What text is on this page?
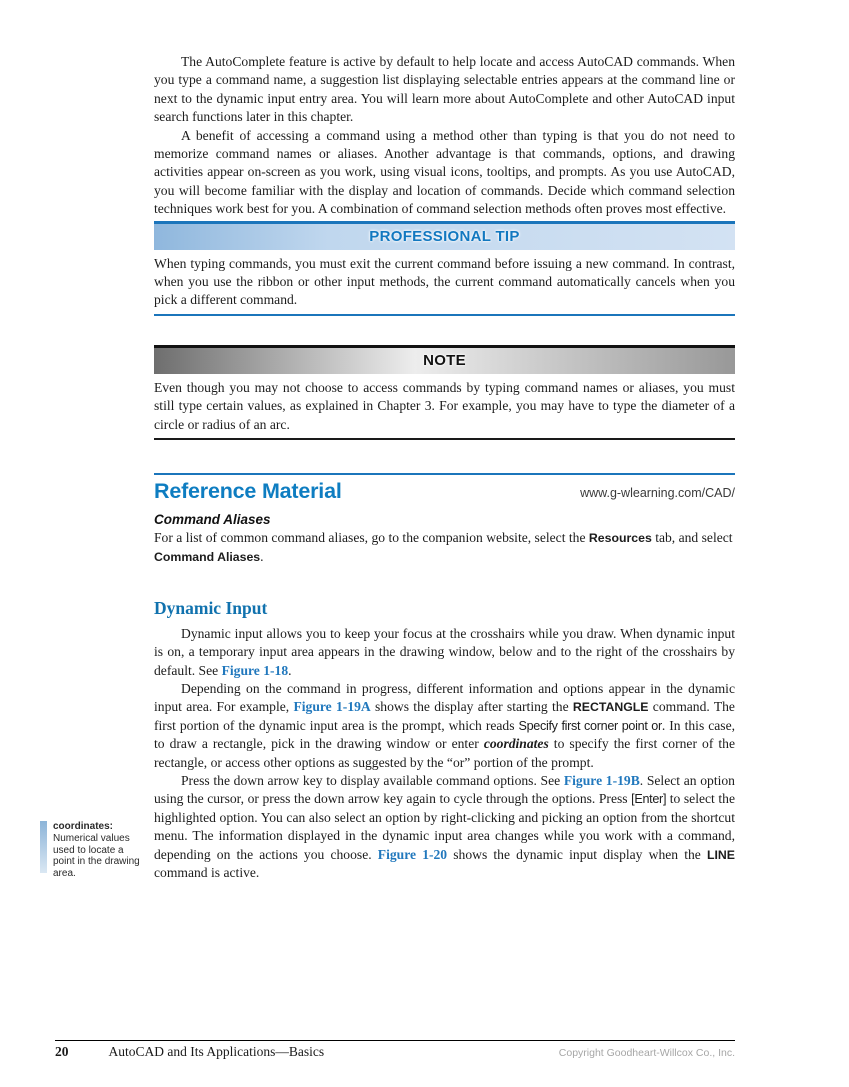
The AutoComplete feature is active by default to help locate and access AutoCAD commands. When you type a command name, a suggestion list displaying selectable entries appears at the command line or next to the dynamic input entry area. You will learn more about AutoComplete and other AutoCAD input search functions later in this chapter.

A benefit of accessing a command using a method other than typing is that you do not need to memorize command names or aliases. Another advantage is that commands, options, and drawing activities appear on-screen as you work, using visual icons, tooltips, and prompts. As you use AutoCAD, you will become familiar with the display and location of commands. Decide which command selection techniques work best for you. A combination of command selection methods often proves most effective.

PROFESSIONAL TIP

When typing commands, you must exit the current command before issuing a new command. In contrast, when you use the ribbon or other input methods, the current command automatically cancels when you pick a different command.

NOTE

Even though you may not choose to access commands by typing command names or aliases, you must still type certain values, as explained in Chapter 3. For example, you may have to type the diameter of a circle or radius of an arc.

Reference Material	www.g-wlearning.com/CAD/
Command Aliases

For a list of common command aliases, go to the companion website, select the Resources tab, and select Command Aliases.

Dynamic Input

Dynamic input allows you to keep your focus at the crosshairs while you draw. When dynamic input is on, a temporary input area appears in the drawing window, below and to the right of the crosshairs by default. See Figure 1-18.

Depending on the command in progress, different information and options appear in the dynamic input area. For example, Figure 1-19A shows the display after starting the RECTANGLE command. The first portion of the dynamic input area is the prompt, which reads Specify first corner point or. In this case, to draw a rectangle, pick in the drawing window or enter coordinates to specify the first corner of the rectangle, or access other options as suggested by the “or” portion of the prompt.

Press the down arrow key to display available command options. See Figure 1-19B. Select an option using the cursor, or press the down arrow key again to cycle through the options. Press [Enter] to select the highlighted option. You can also select an option by right-clicking and picking an option from the shortcut menu. The information displayed in the dynamic input area changes while you work with a command, depending on the actions you choose. Figure 1-20 shows the dynamic input display when the LINE command is active.

coordinates: Numerical values used to locate a point in the drawing area.
20	AutoCAD and Its Applications—Basics	Copyright Goodheart-Willcox Co., Inc.
